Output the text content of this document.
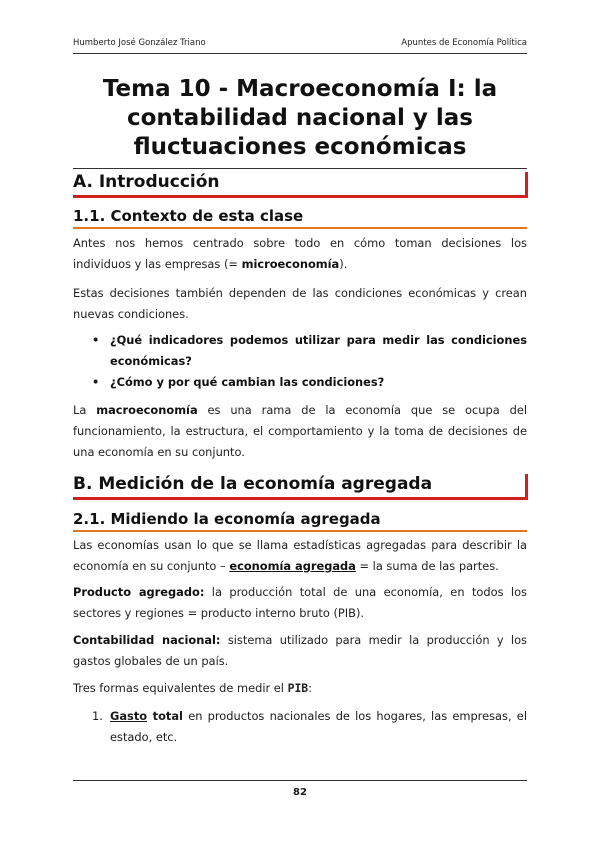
Humberto José González Triano	Apuntes de Economía Política
Tema 10 - Macroeconomía I: la contabilidad nacional y las fluctuaciones económicas
A. Introducción
1.1. Contexto de esta clase
Antes nos hemos centrado sobre todo en cómo toman decisiones los individuos y las empresas (= microeconomía).
Estas decisiones también dependen de las condiciones económicas y crean nuevas condiciones.
• ¿Qué indicadores podemos utilizar para medir las condiciones económicas?
• ¿Cómo y por qué cambian las condiciones?
La macroeconomía es una rama de la economía que se ocupa del funcionamiento, la estructura, el comportamiento y la toma de decisiones de una economía en su conjunto.
B. Medición de la economía agregada
2.1. Midiendo la economía agregada
Las economías usan lo que se llama estadísticas agregadas para describir la economía en su conjunto – economía agregada = la suma de las partes.
Producto agregado: la producción total de una economía, en todos los sectores y regiones = producto interno bruto (PIB).
Contabilidad nacional: sistema utilizado para medir la producción y los gastos globales de un país.
Tres formas equivalentes de medir el PIB:
1. Gasto total en productos nacionales de los hogares, las empresas, el estado, etc.
82
